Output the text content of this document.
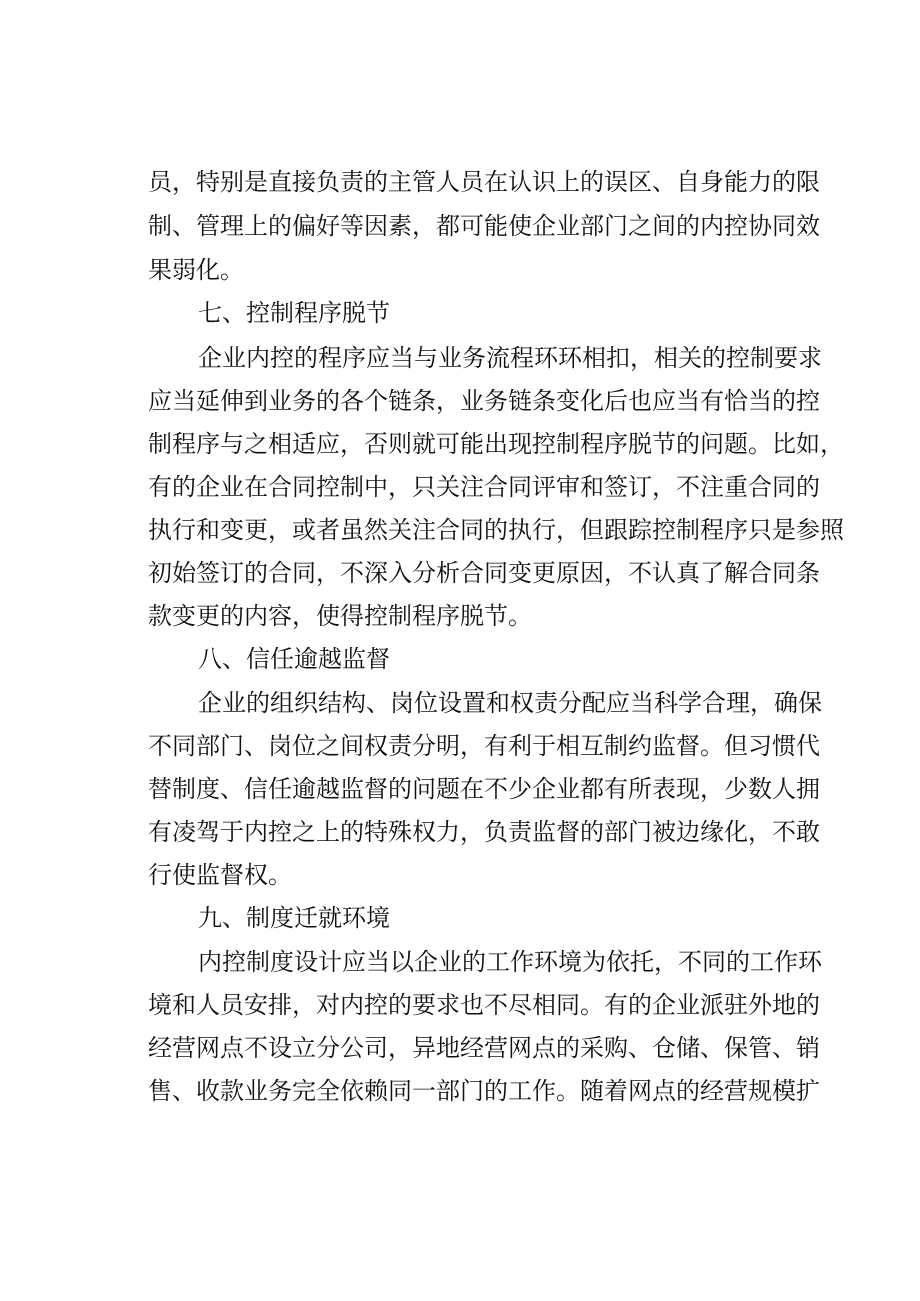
员，特别是直接负责的主管人员在认识上的误区、自身能力的限
制、管理上的偏好等因素，都可能使企业部门之间的内控协同效
果弱化。
七、控制程序脱节
企业内控的程序应当与业务流程环环相扣，相关的控制要求
应当延伸到业务的各个链条，业务链条变化后也应当有恰当的控
制程序与之相适应，否则就可能出现控制程序脱节的问题。比如，
有的企业在合同控制中，只关注合同评审和签订，不注重合同的
执行和变更，或者虽然关注合同的执行，但跟踪控制程序只是参照
初始签订的合同，不深入分析合同变更原因，不认真了解合同条
款变更的内容，使得控制程序脱节。
八、信任逾越监督
企业的组织结构、岗位设置和权责分配应当科学合理，确保
不同部门、岗位之间权责分明，有利于相互制约监督。但习惯代
替制度、信任逾越监督的问题在不少企业都有所表现，少数人拥
有凌驾于内控之上的特殊权力，负责监督的部门被边缘化，不敢
行使监督权。
九、制度迁就环境
内控制度设计应当以企业的工作环境为依托，不同的工作环
境和人员安排，对内控的要求也不尽相同。有的企业派驻外地的
经营网点不设立分公司，异地经营网点的采购、仓储、保管、销
售、收款业务完全依赖同一部门的工作。随着网点的经营规模扩
